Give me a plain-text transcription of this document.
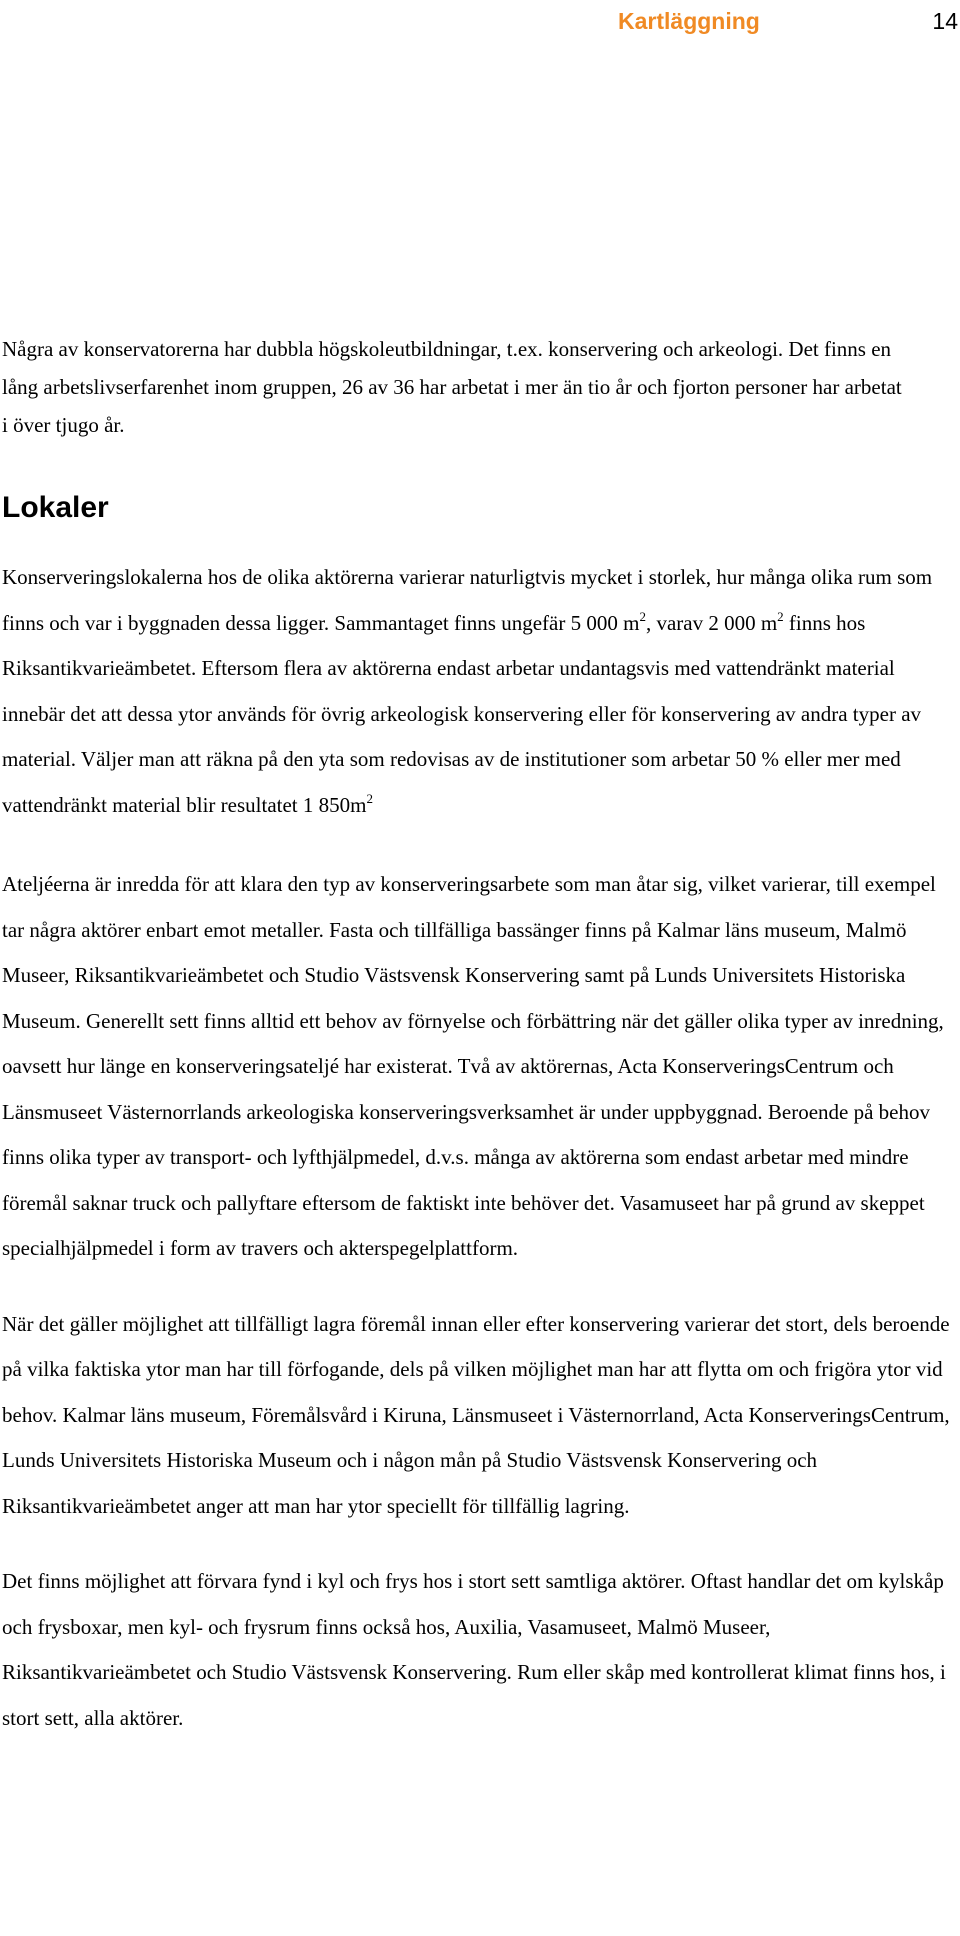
Kartläggning	14

Några av konservatorerna har dubbla högskoleutbildningar, t.ex. konservering och arkeologi. Det finns en lång arbetslivserfarenhet inom gruppen, 26 av 36 har arbetat i mer än tio år och fjorton personer har arbetat i över tjugo år.

Lokaler

Konserveringslokalerna hos de olika aktörerna varierar naturligtvis mycket i storlek, hur många olika rum som finns och var i byggnaden dessa ligger. Sammantaget finns ungefär 5 000 $m^2$, varav 2 000 $m^2$ finns hos Riksantikvarieämbetet. Eftersom flera av aktörerna endast arbetar undantagsvis med vattendränkt material innebär det att dessa ytor används för övrig arkeologisk konservering eller för konservering av andra typer av material. Väljer man att räkna på den yta som redovisas av de institutioner som arbetar 50 % eller mer med vattendränkt material blir resultatet 1 $850m^2$

Ateljéerna är inredda för att klara den typ av konserveringsarbete som man åtar sig, vilket varierar, till exempel tar några aktörer enbart emot metaller. Fasta och tillfälliga bassänger finns på Kalmar läns museum, Malmö Museer, Riksantikvarieämbetet och Studio Västsvensk Konservering samt på Lunds Universitets Historiska Museum. Generellt sett finns alltid ett behov av förnyelse och förbättring när det gäller olika typer av inredning, oavsett hur länge en konserveringsateljé har existerat. Två av aktörernas, Acta KonserveringsCentrum och Länsmuseet Västernorrlands arkeologiska konserveringsverksamhet är under uppbyggnad. Beroende på behov finns olika typer av transport- och lyfthjälpmedel, d.v.s. många av aktörerna som endast arbetar med mindre föremål saknar truck och pallyftare eftersom de faktiskt inte behöver det. Vasamuseet har på grund av skeppet specialhjälpmedel i form av travers och akterspegelplattform.

När det gäller möjlighet att tillfälligt lagra föremål innan eller efter konservering varierar det stort, dels beroende på vilka faktiska ytor man har till förfogande, dels på vilken möjlighet man har att flytta om och frigöra ytor vid behov. Kalmar läns museum, Föremålsvård i Kiruna, Länsmuseet i Västernorrland, Acta KonserveringsCentrum, Lunds Universitets Historiska Museum och i någon mån på Studio Västsvensk Konservering och Riksantikvarieämbetet anger att man har ytor speciellt för tillfällig lagring.

Det finns möjlighet att förvara fynd i kyl och frys hos i stort sett samtliga aktörer. Oftast handlar det om kylskåp och frysboxar, men kyl- och frysrum finns också hos, Auxilia, Vasamuseet, Malmö Museer, Riksantikvarieämbetet och Studio Västsvensk Konservering. Rum eller skåp med kontrollerat klimat finns hos, i stort sett, alla aktörer.
